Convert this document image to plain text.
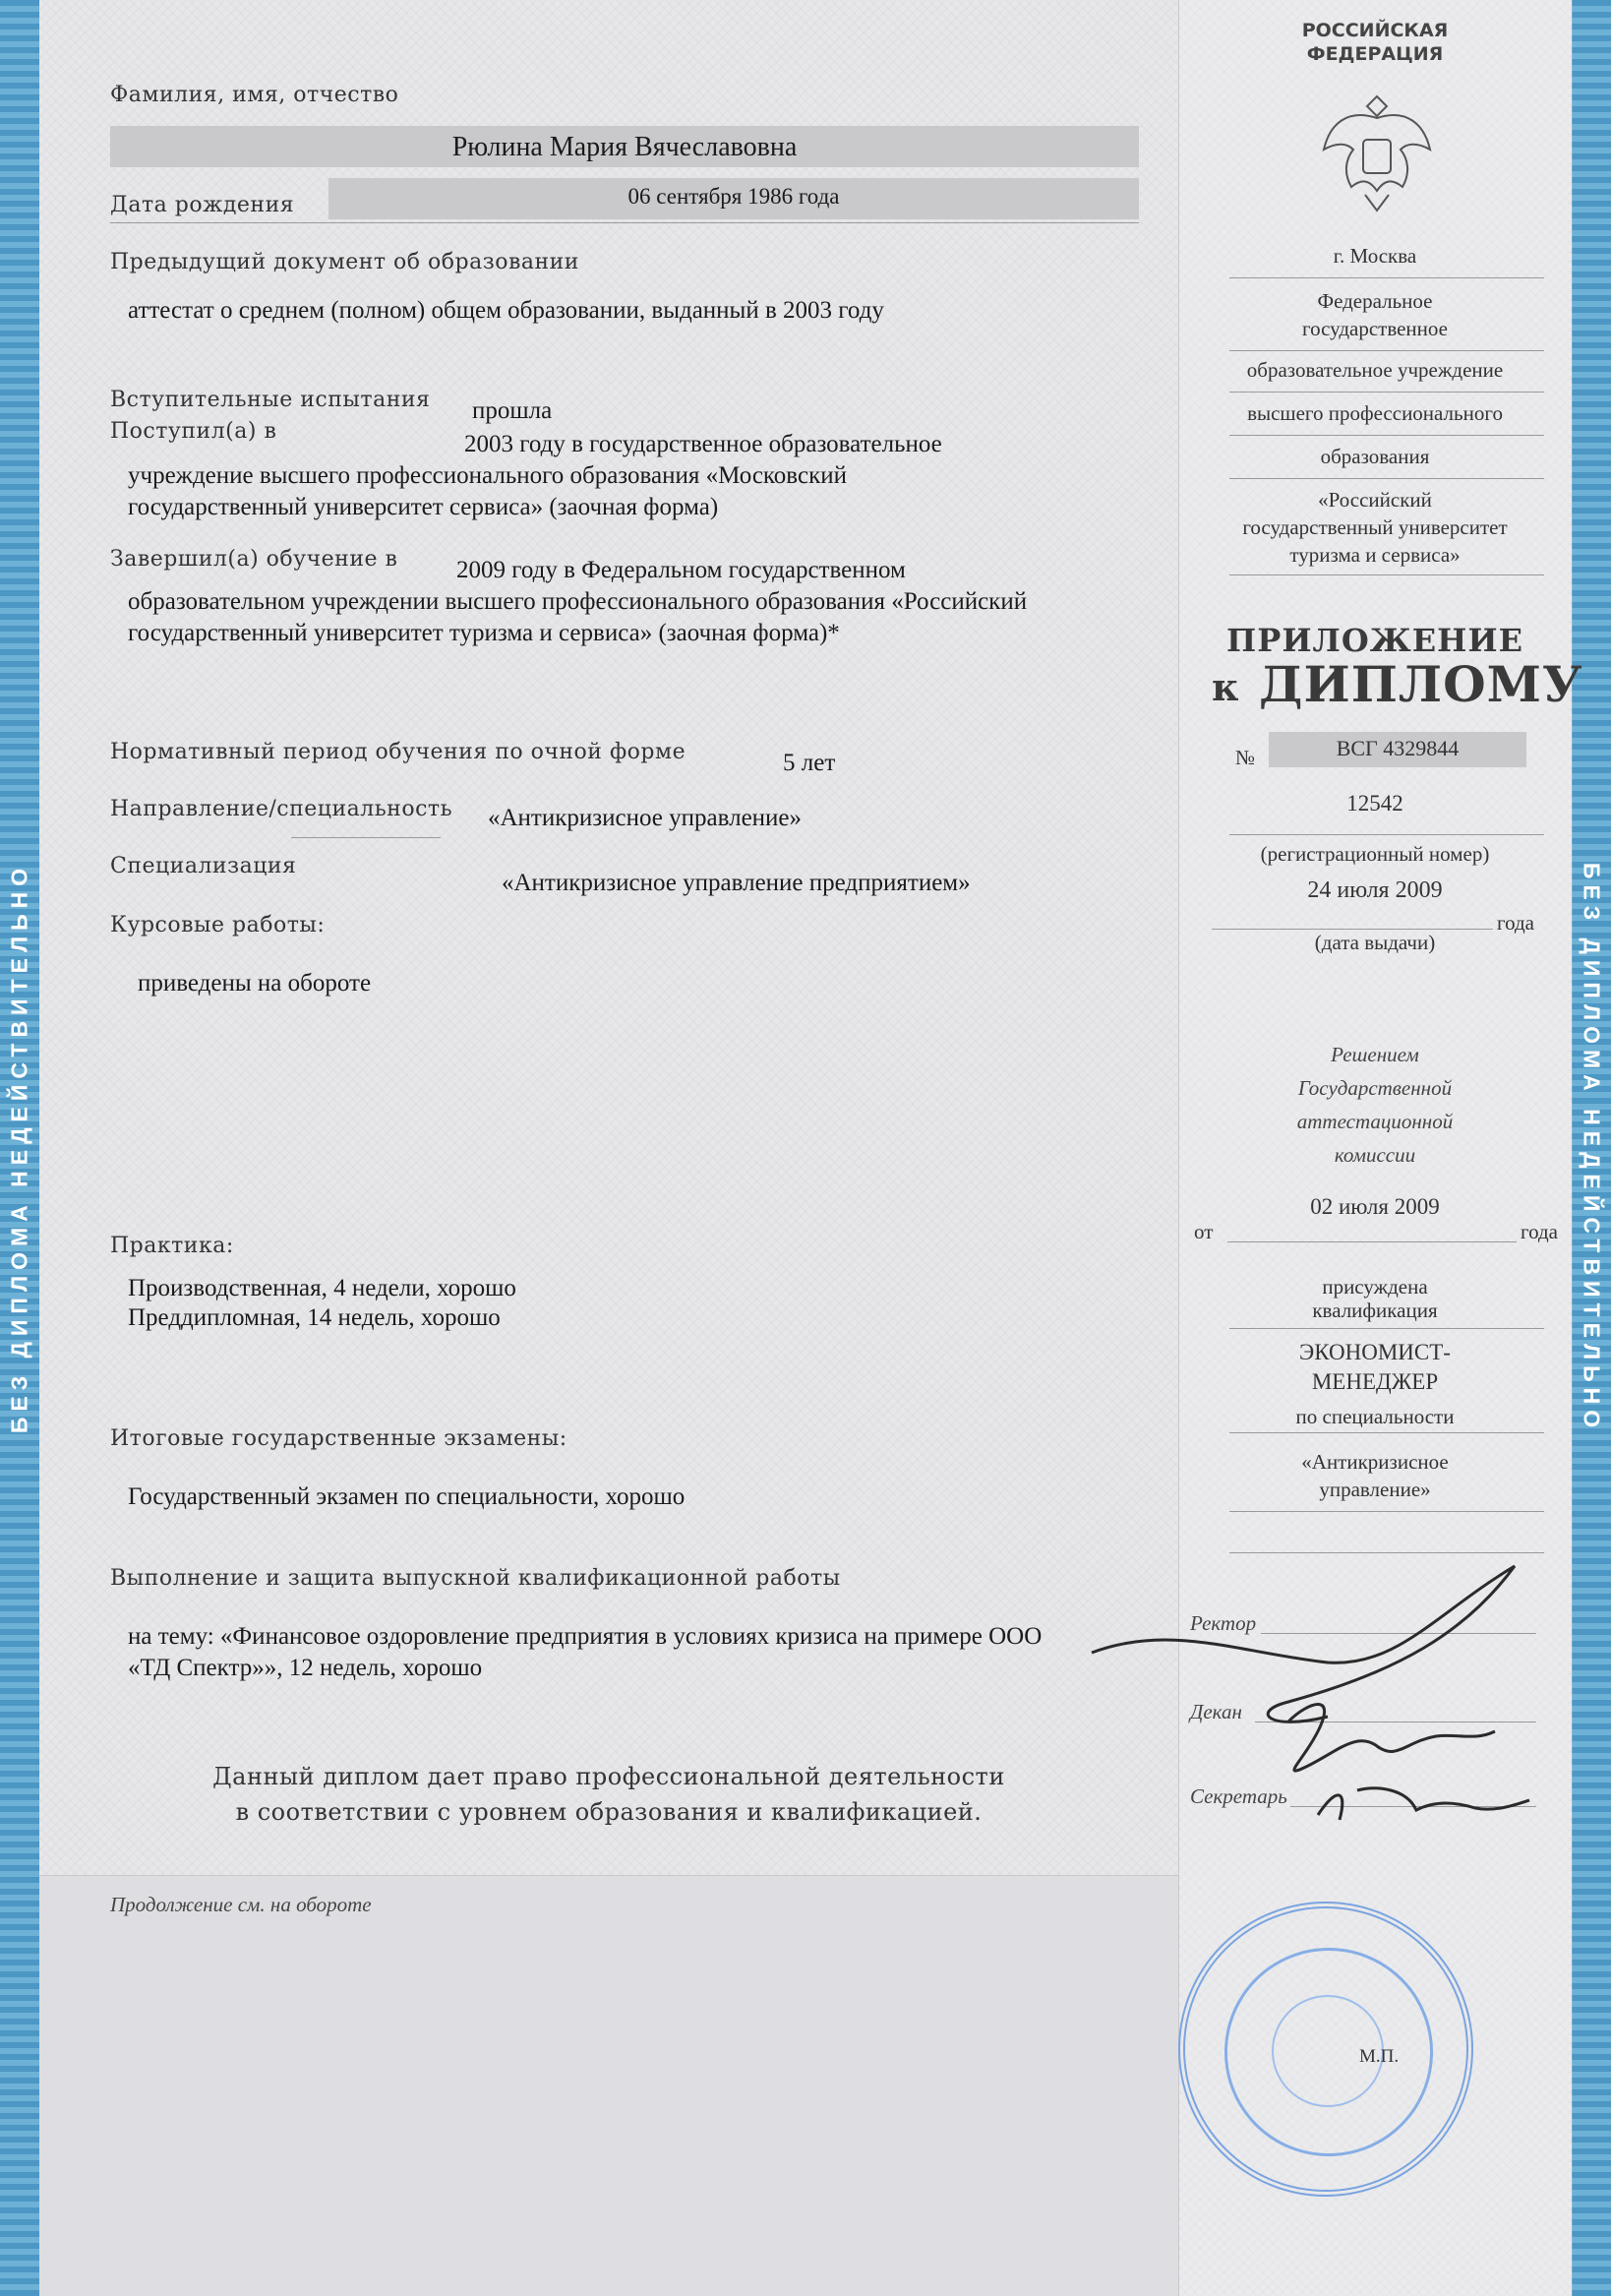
БЕЗ ДИПЛОМА НЕДЕЙСТВИТЕЛЬНО	БЕЗ ДИПЛОМА НЕДЕЙСТВИТЕЛЬНО
Фамилия, имя, отчество
Рюлина Мария Вячеславовна
Дата рождения	06 сентября 1986 года
Предыдущий документ об образовании
аттестат о среднем (полном) общем образовании, выданный в 2003 году
Вступительные испытания прошла
Поступил(а) в	2003 году в государственное образовательное
учреждение высшего профессионального образования «Московский
государственный университет сервиса» (заочная форма)
Завершил(а) обучение в 2009 году в Федеральном государственном
образовательном учреждении высшего профессионального образования «Российский
государственный университет туризма и сервиса» (заочная форма)*
Нормативный период обучения по очной форме	5 лет
Направление/специальность «Антикризисное управление»
Специализация
«Антикризисное управление предприятием»
Курсовые работы:
приведены на обороте
Практика:
Производственная, 4 недели, хорошо
Преддипломная, 14 недель, хорошо
Итоговые государственные экзамены:
Государственный экзамен по специальности, хорошо
Выполнение и защита выпускной квалификационной работы
на тему: «Финансовое оздоровление предприятия в условиях кризиса на примере ООО
«ТД Спектр»», 12 недель, хорошо
Данный диплом дает право профессиональной деятельности
в соответствии с уровнем образования и квалификацией.
Продолжение см. на обороте
РОССИЙСКАЯ
ФЕДЕРАЦИЯ
г. Москва
Федеральное
государственное
образовательное учреждение
высшего профессионального
образования
«Российский
государственный университет
туризма и сервиса»
ПРИЛОЖЕНИЕ
к ДИПЛОМУ
№	ВСГ 4329844
12542
(регистрационный номер)
24 июля 2009
года
(дата выдачи)
Решением
Государственной
аттестационной
комиссии
02 июля 2009
от	года
присуждена
квалификация
ЭКОНОМИСТ-
МЕНЕДЖЕР
по специальности
«Антикризисное
управление»
Ректор
Декан
Секретарь
М.П.
